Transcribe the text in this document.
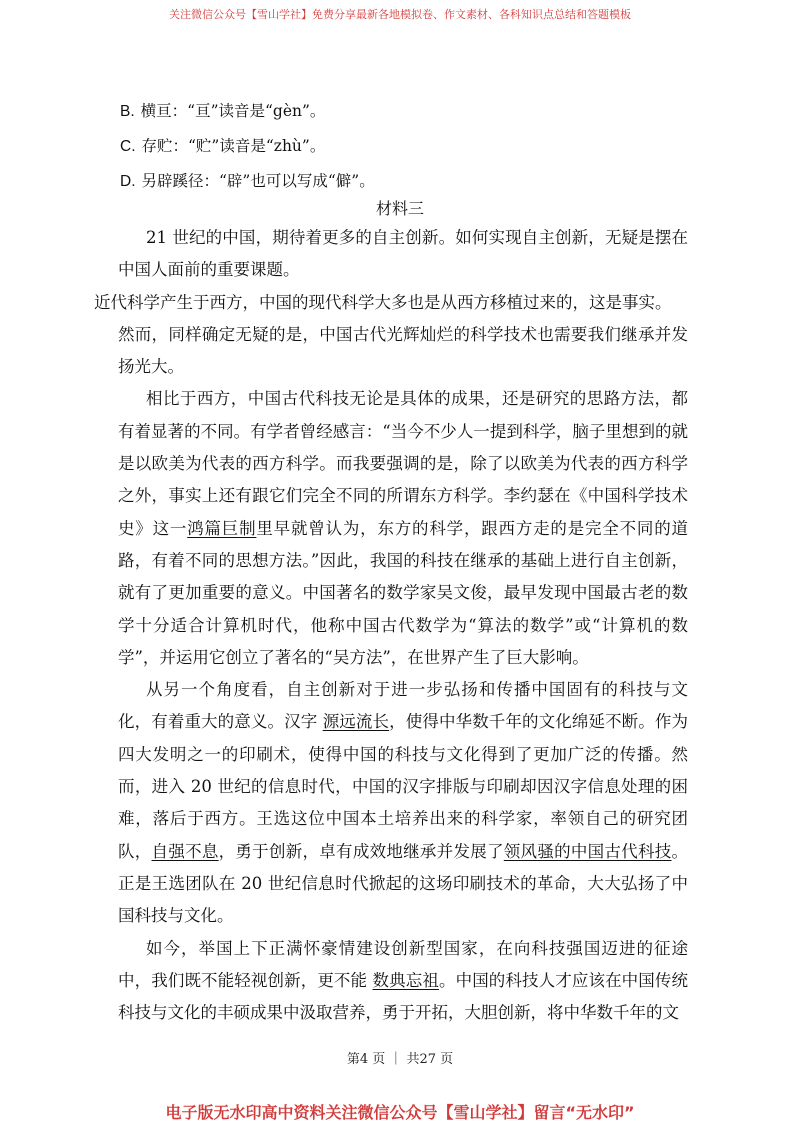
关注微信公众号【雪山学社】免费分享最新各地模拟卷、作文素材、各科知识点总结和答题模板
B. 横亘：“亘”读音是“gèn”。
C. 存贮：“贮”读音是“zhù”。
D. 另辟蹊径：“辟”也可以写成“僻”。
材料三

21 世纪的中国，期待着更多的自主创新。如何实现自主创新，无疑是摆在中国人面前的重要课题。

近代科学产生于西方，中国的现代科学大多也是从西方移植过来的，这是事实。
然而，同样确定无疑的是，中国古代光辉灿烂的科学技术也需要我们继承并发扬光大。

相比于西方，中国古代科技无论是具体的成果，还是研究的思路方法，都有着显著的不同。有学者曾经感言：“当今不少人一提到科学，脑子里想到的就是以欧美为代表的西方科学。而我要强调的是，除了以欧美为代表的西方科学之外，事实上还有跟它们完全不同的所谓东方科学。李约瑟在《中国科学技术史》这一鸿篇巨制里早就曾认为，东方的科学，跟西方走的是完全不同的道路，有着不同的思想方法。”因此，我国的科技在继承的基础上进行自主创新，就有了更加重要的意义。中国著名的数学家吴文俊，最早发现中国最古老的数学十分适合计算机时代，他称中国古代数学为“算法的数学”或“计算机的数学”，并运用它创立了著名的“吴方法”，在世界产生了巨大影响。

从另一个角度看，自主创新对于进一步弘扬和传播中国固有的科技与文化，有着重大的意义。汉字 源远流长，使得中华数千年的文化绵延不断。作为四大发明之一的印刷术，使得中国的科技与文化得到了更加广泛的传播。然而，进入 20 世纪的信息时代，中国的汉字排版与印刷却因汉字信息处理的困难，落后于西方。王选这位中国本土培养出来的科学家，率领自己的研究团队，自强不息，勇于创新，卓有成效地继承并发展了领风骚的中国古代科技。正是王选团队在 20 世纪信息时代掀起的这场印刷技术的革命，大大弘扬了中国科技与文化。

如今，举国上下正满怀豪情建设创新型国家，在向科技强国迈进的征途中，我们既不能轻视创新，更不能 数典忘祖。中国的科技人才应该在中国传统科技与文化的丰硕成果中汲取营养，勇于开拓，大胆创新，将中华数千年的文

第4 页 ｜ 共27 页
电子版无水印高中资料关注微信公众号【雪山学社】留言“无水印”
